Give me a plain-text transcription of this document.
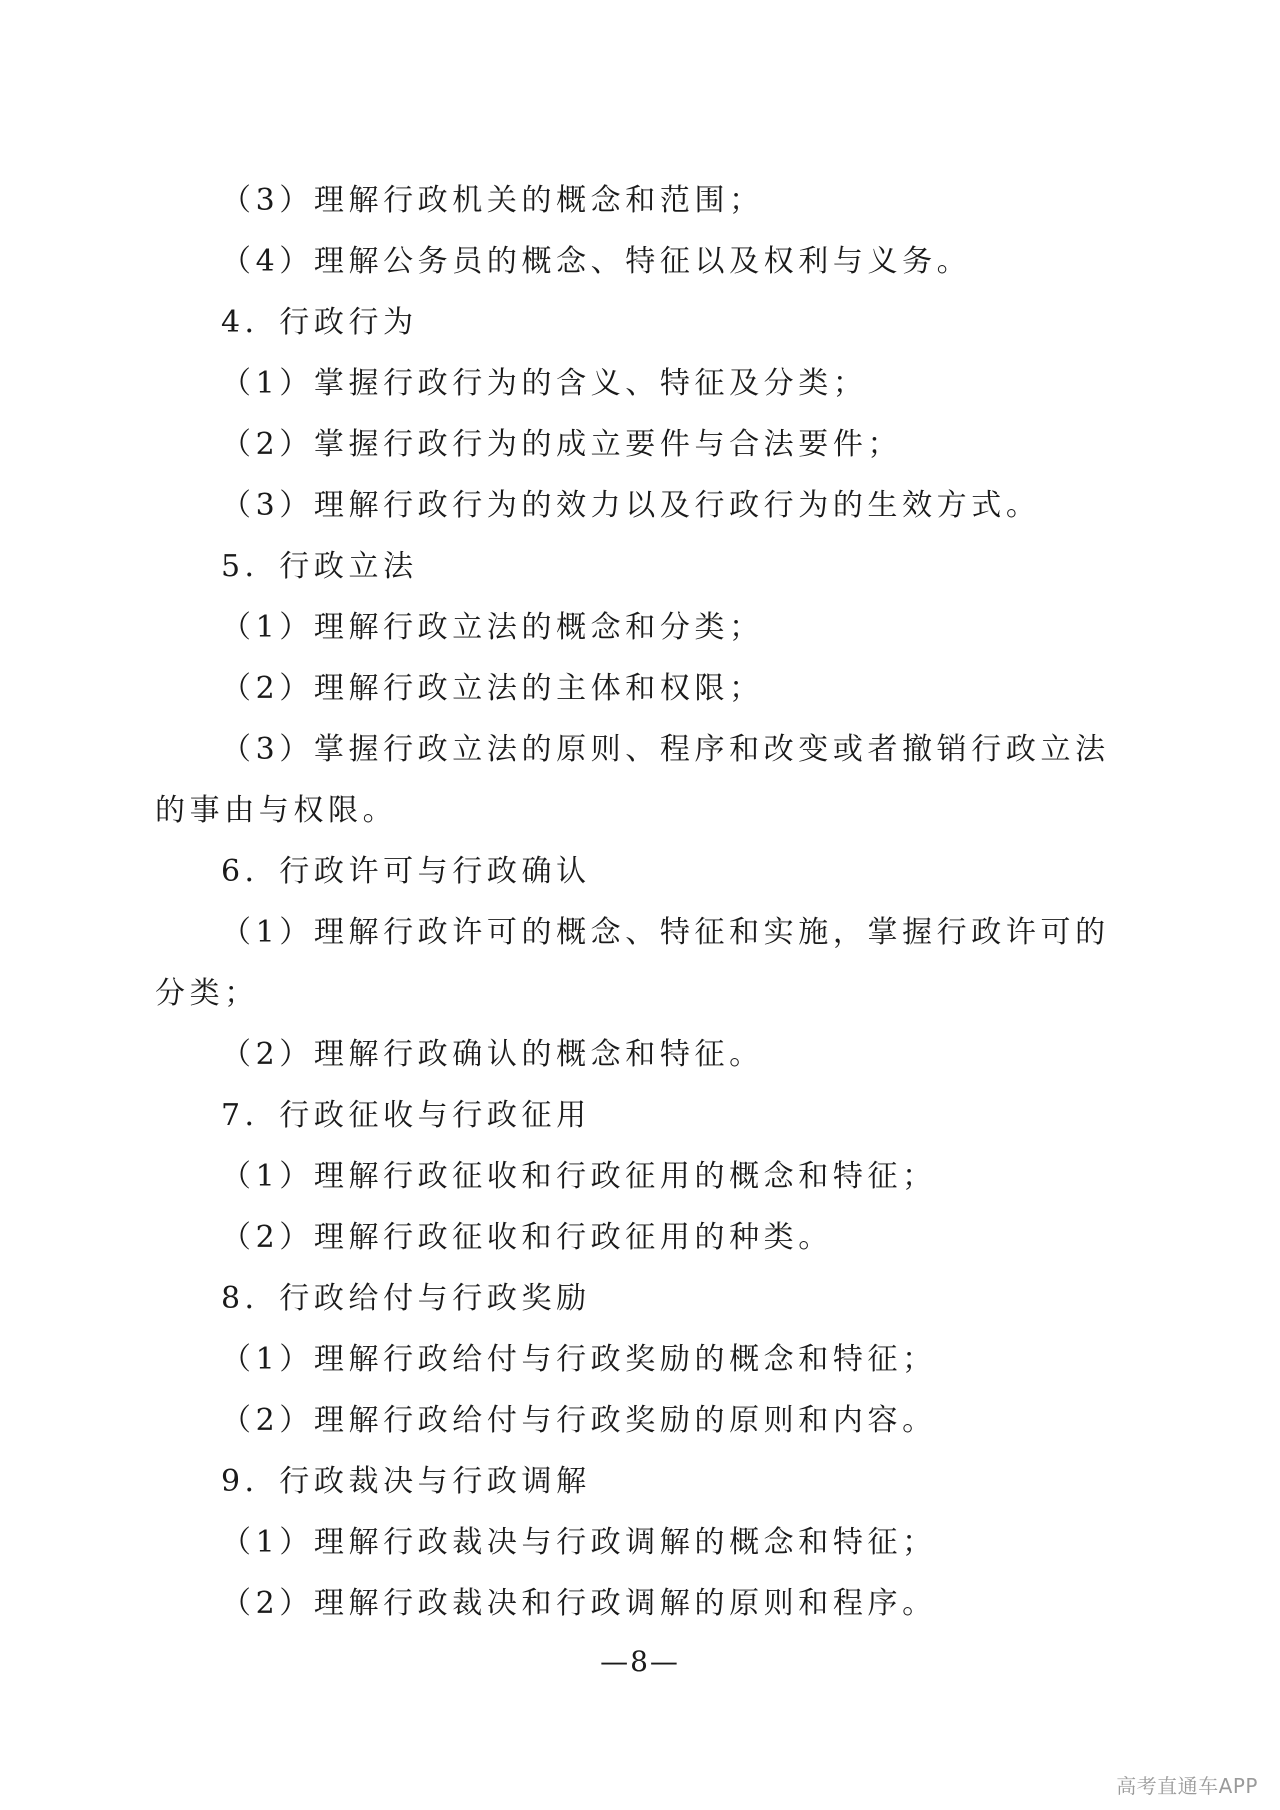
（3）理解行政机关的概念和范围；

（4）理解公务员的概念、特征以及权利与义务。

4．行政行为

（1）掌握行政行为的含义、特征及分类；

（2）掌握行政行为的成立要件与合法要件；

（3）理解行政行为的效力以及行政行为的生效方式。

5．行政立法

（1）理解行政立法的概念和分类；

（2）理解行政立法的主体和权限；

（3）掌握行政立法的原则、程序和改变或者撤销行政立法的事由与权限。

6．行政许可与行政确认

（1）理解行政许可的概念、特征和实施，掌握行政许可的分类；

（2）理解行政确认的概念和特征。

7．行政征收与行政征用

（1）理解行政征收和行政征用的概念和特征；

（2）理解行政征收和行政征用的种类。

8．行政给付与行政奖励

（1）理解行政给付与行政奖励的概念和特征；

（2）理解行政给付与行政奖励的原则和内容。

9．行政裁决与行政调解

（1）理解行政裁决与行政调解的概念和特征；

（2）理解行政裁决和行政调解的原则和程序。

—8—
高考直通车APP
